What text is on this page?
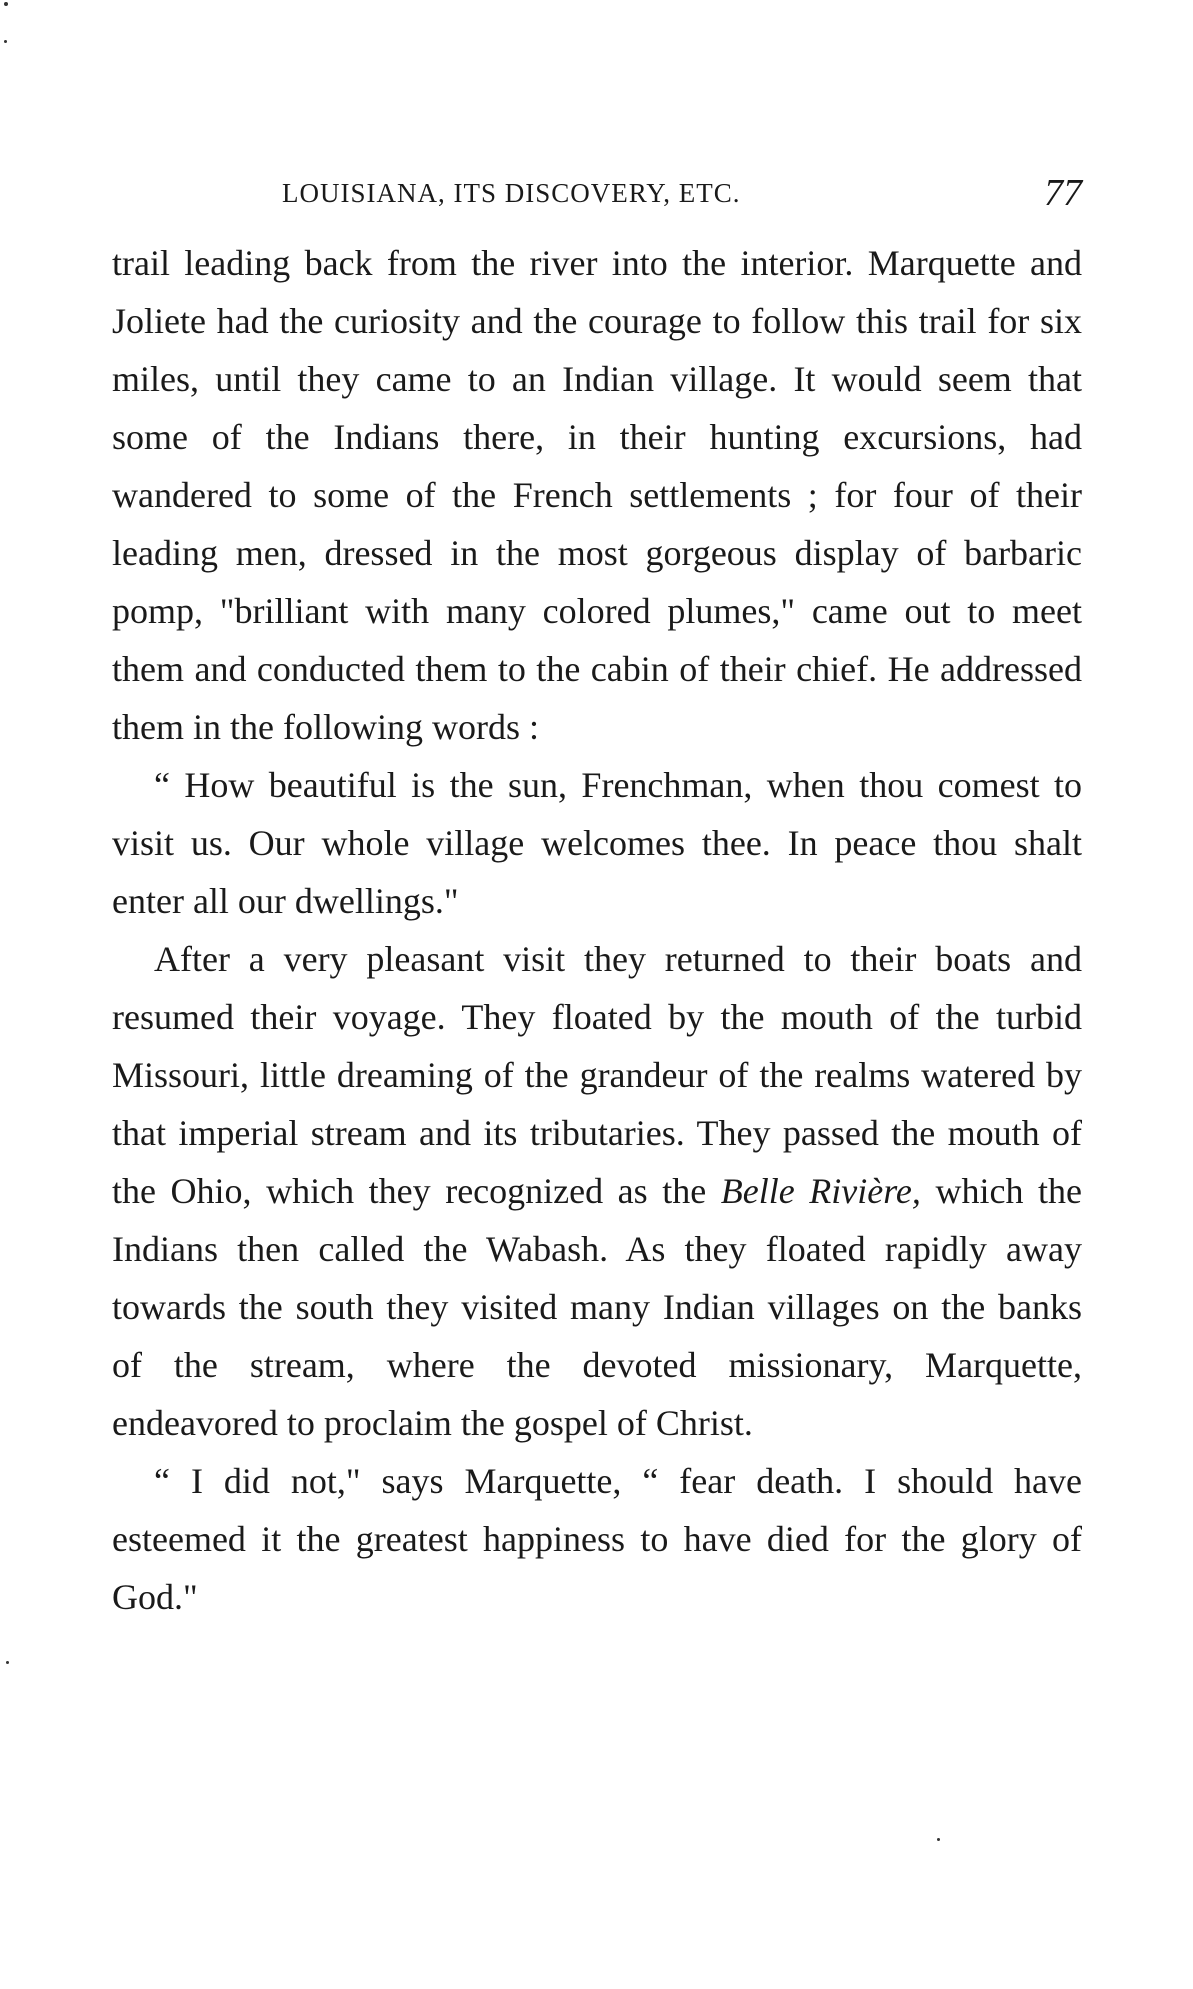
LOUISIANA, ITS DISCOVERY, ETC.	77

trail leading back from the river into the interior. Marquette and Joliete had the curiosity and the courage to follow this trail for six miles, until they came to an Indian village. It would seem that some of the Indians there, in their hunting excursions, had wandered to some of the French settlements ; for four of their leading men, dressed in the most gorgeous display of barbaric pomp, "brilliant with many colored plumes," came out to meet them and conducted them to the cabin of their chief. He addressed them in the following words :

“ How beautiful is the sun, Frenchman, when thou comest to visit us. Our whole village welcomes thee. In peace thou shalt enter all our dwellings."

After a very pleasant visit they returned to their boats and resumed their voyage. They floated by the mouth of the turbid Missouri, little dreaming of the grandeur of the realms watered by that imperial stream and its tributaries. They passed the mouth of the Ohio, which they recognized as the Belle Rivière, which the Indians then called the Wabash. As they floated rapidly away towards the south they visited many Indian villages on the banks of the stream, where the devoted missionary, Marquette, endeavored to proclaim the gospel of Christ.

“ I did not," says Marquette, “ fear death. I should have esteemed it the greatest happiness to have died for the glory of God."
